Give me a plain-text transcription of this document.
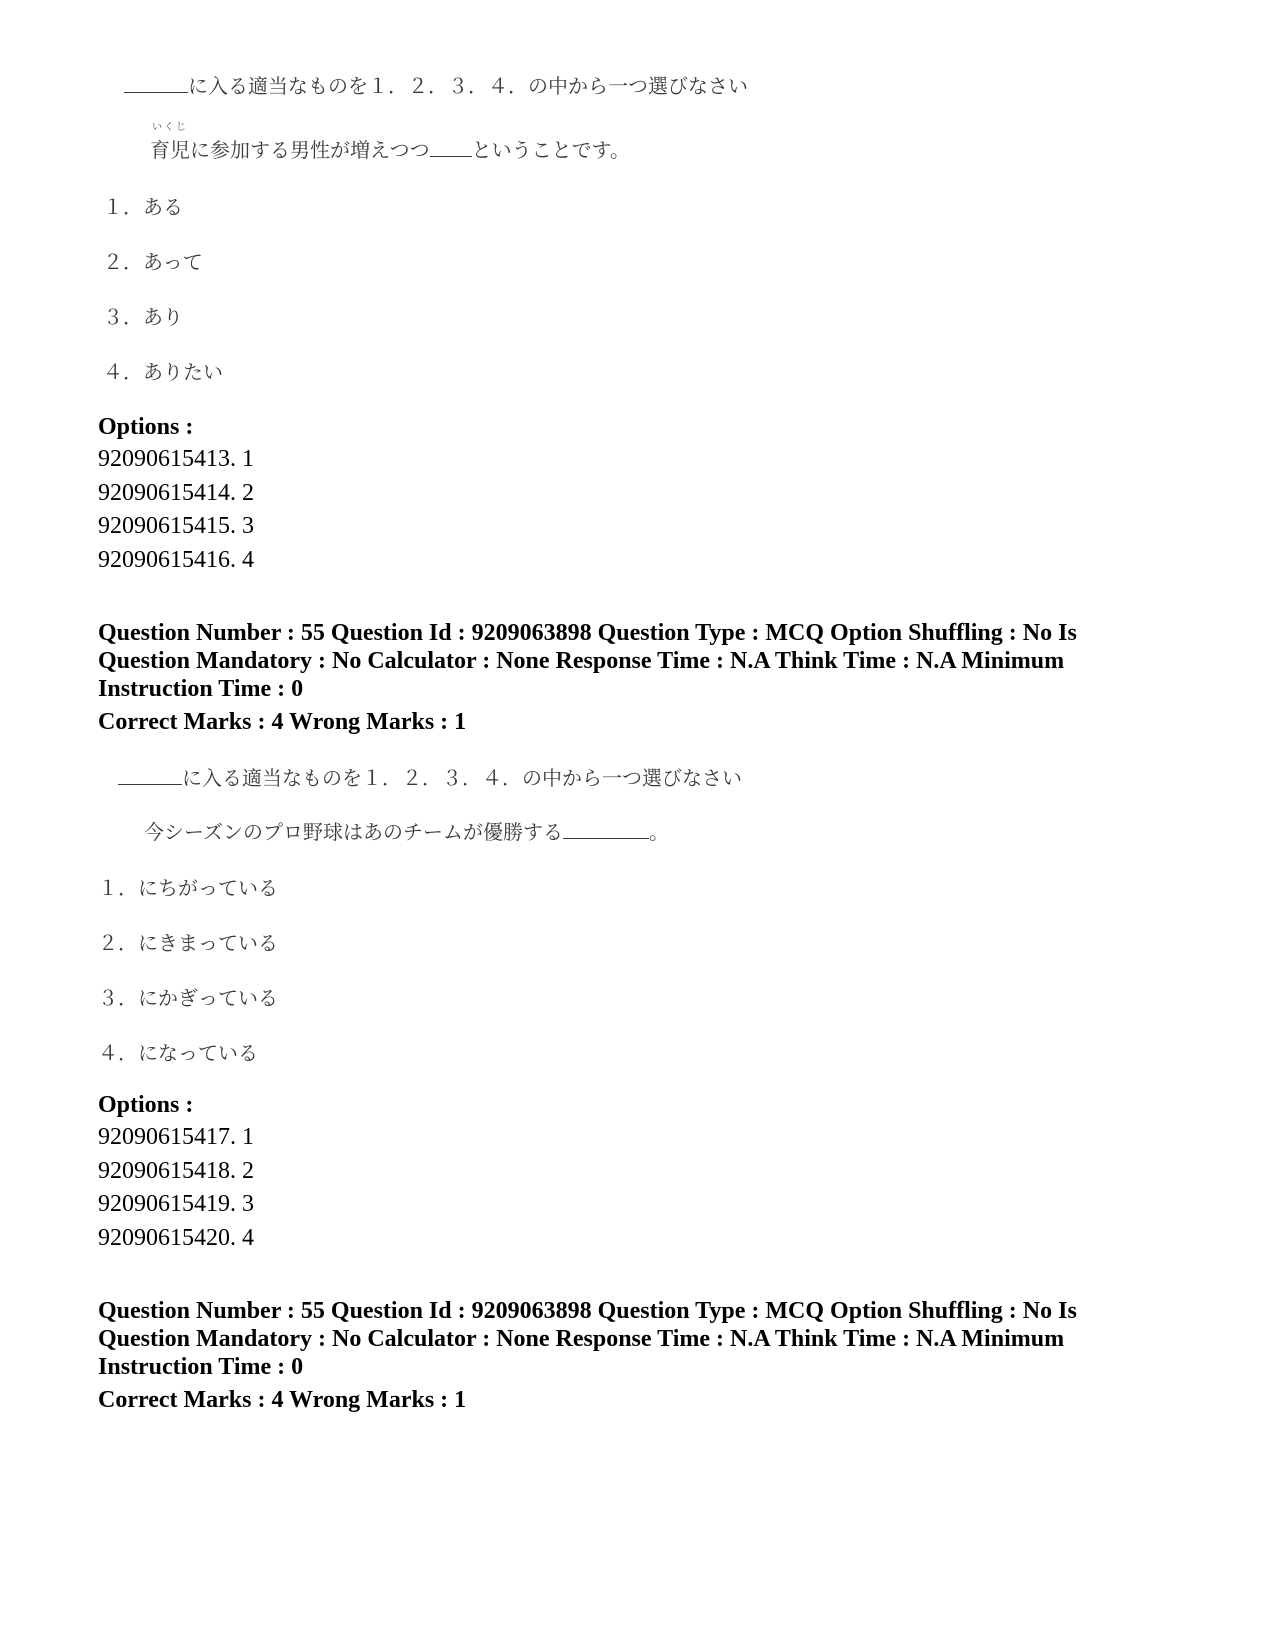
に入る適当なものを１．２．３．４．の中から一つ選びなさい
いくじ
育児に参加する男性が増えつつ ということです。
１．ある
２．あって
３．あり
４．ありたい
Options :
92090615413. 1
92090615414. 2
92090615415. 3
92090615416. 4
Question Number : 55 Question Id : 9209063898 Question Type : MCQ Option Shuffling : No Is
Question Mandatory : No Calculator : None Response Time : N.A Think Time : N.A Minimum
Instruction Time : 0
Correct Marks : 4 Wrong Marks : 1
に入る適当なものを１．２．３．４．の中から一つ選びなさい
今シーズンのプロ野球はあのチームが優勝する	。
１．にちがっている
２．にきまっている
３．にかぎっている
４．になっている
Options :
92090615417. 1
92090615418. 2
92090615419. 3
92090615420. 4
Question Number : 55 Question Id : 9209063898 Question Type : MCQ Option Shuffling : No Is
Question Mandatory : No Calculator : None Response Time : N.A Think Time : N.A Minimum
Instruction Time : 0
Correct Marks : 4 Wrong Marks : 1
